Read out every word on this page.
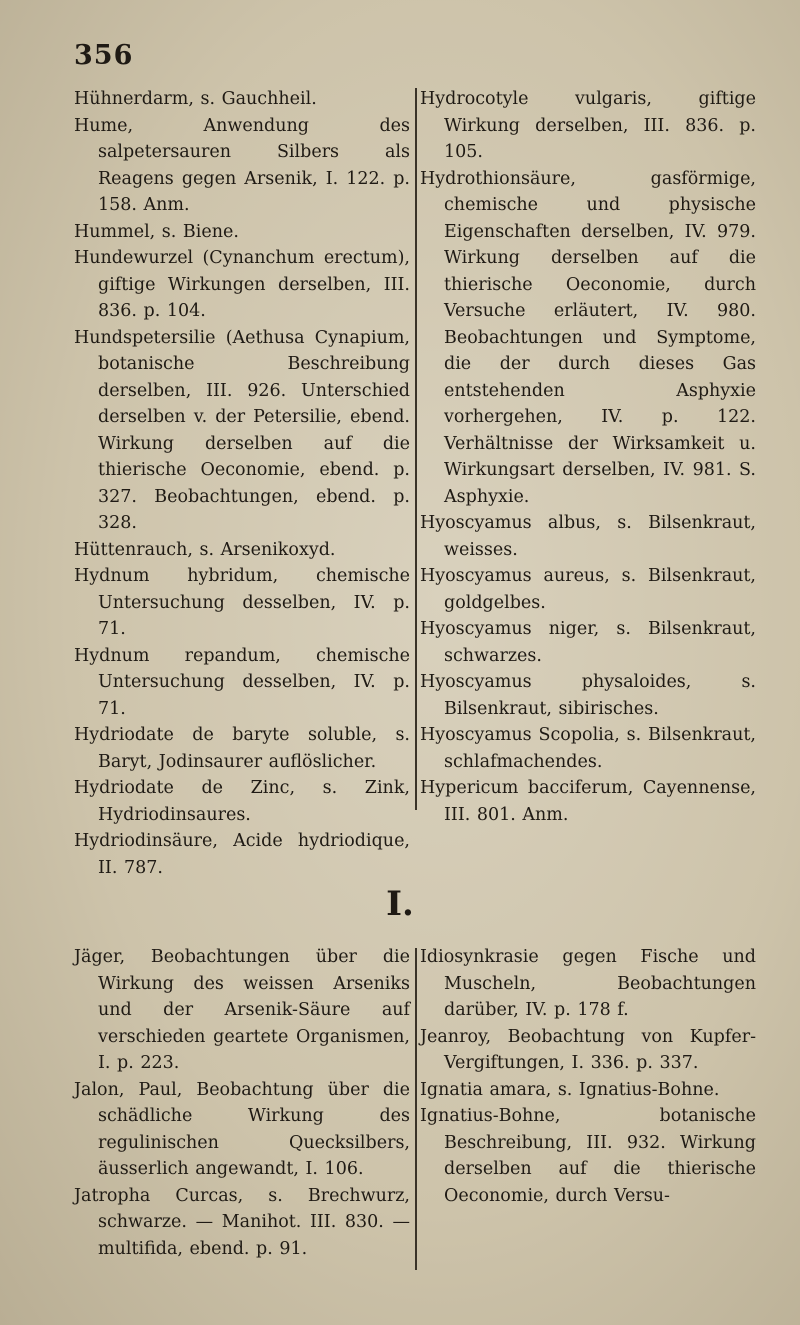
356

Hühnerdarm, s. Gauchheil.

Hume, Anwendung des salpetersauren Silbers als Reagens gegen Arsenik, I. 122. p. 158. Anm.

Hummel, s. Biene.

Hundewurzel (Cynanchum erectum), giftige Wirkungen derselben, III. 836. p. 104.

Hundspetersilie (Aethusa Cynapium, botanische Beschreibung derselben, III. 926. Unterschied derselben v. der Petersilie, ebend. Wirkung derselben auf die thierische Oeconomie, ebend. p. 327. Beobachtungen, ebend. p. 328.

Hüttenrauch, s. Arsenikoxyd.

Hydnum hybridum, chemische Untersuchung desselben, IV. p. 71.

Hydnum repandum, chemische Untersuchung desselben, IV. p. 71.

Hydriodate de baryte soluble, s. Baryt, Jodinsaurer auflöslicher.

Hydriodate de Zinc, s. Zink, Hydriodinsaures.

Hydriodinsäure, Acide hydriodique, II. 787.

Hydrocotyle vulgaris, giftige Wirkung derselben, III. 836. p. 105.

Hydrothionsäure, gasförmige, chemische und physische Eigenschaften derselben, IV. 979. Wirkung derselben auf die thierische Oeconomie, durch Versuche erläutert, IV. 980. Beobachtungen und Symptome, die der durch dieses Gas entstehenden Asphyxie vorhergehen, IV. p. 122. Verhältnisse der Wirksamkeit u. Wirkungsart derselben, IV. 981. S. Asphyxie.

Hyoscyamus albus, s. Bilsenkraut, weisses.

Hyoscyamus aureus, s. Bilsenkraut, goldgelbes.

Hyoscyamus niger, s. Bilsenkraut, schwarzes.

Hyoscyamus physaloides, s. Bilsenkraut, sibirisches.

Hyoscyamus Scopolia, s. Bilsenkraut, schlafmachendes.

Hypericum bacciferum, Cayennense, III. 801. Anm.

I.

Jäger, Beobachtungen über die Wirkung des weissen Arseniks und der Arsenik-Säure auf verschieden geartete Organismen, I. p. 223.

Jalon, Paul, Beobachtung über die schädliche Wirkung des regulinischen Quecksilbers, äusserlich angewandt, I. 106.

Jatropha Curcas, s. Brechwurz, schwarze. — Manihot. III. 830. — multifida, ebend. p. 91.

Idiosynkrasie gegen Fische und Muscheln, Beobachtungen darüber, IV. p. 178 f.

Jeanroy, Beobachtung von Kupfer-Vergiftungen, I. 336. p. 337.

Ignatia amara, s. Ignatius-Bohne.

Ignatius-Bohne, botanische Beschreibung, III. 932. Wirkung derselben auf die thierische Oeconomie, durch Versu-
